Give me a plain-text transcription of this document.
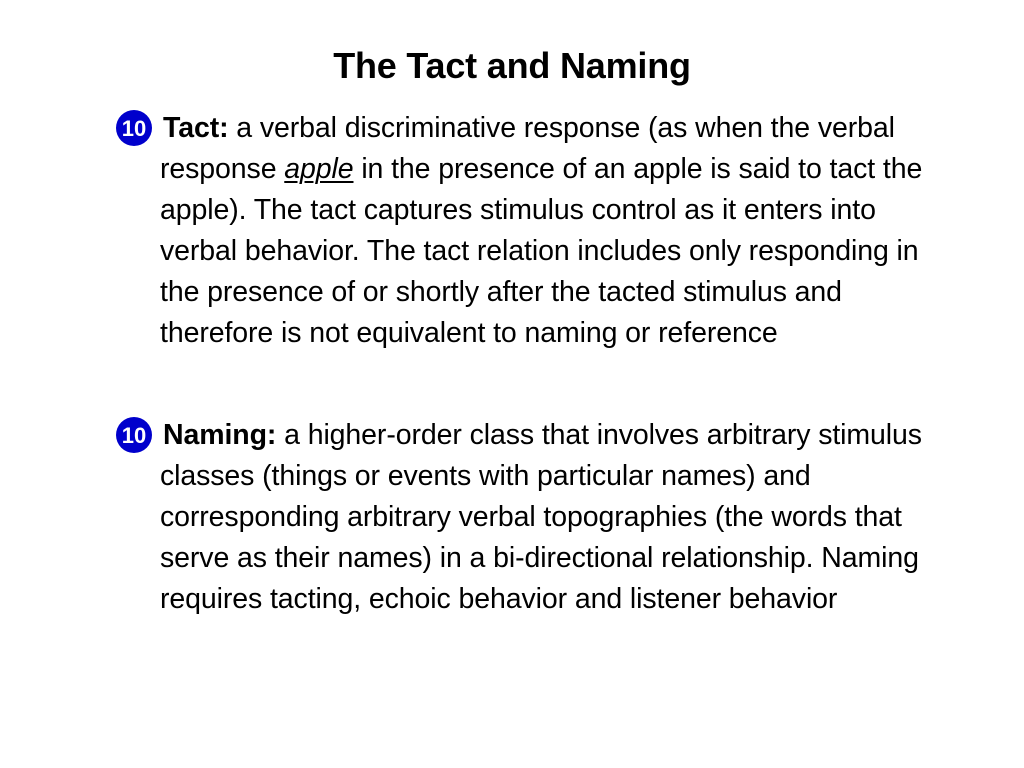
The Tact and Naming
10 Tact: a verbal discriminative response (as when the verbal response apple in the presence of an apple is said to tact the apple). The tact captures stimulus control as it enters into verbal behavior. The tact relation includes only responding in the presence of or shortly after the tacted stimulus and therefore is not equivalent to naming or reference
10 Naming: a higher-order class that involves arbitrary stimulus classes (things or events with particular names) and corresponding arbitrary verbal topographies (the words that serve as their names) in a bi-directional relationship. Naming requires tacting, echoic behavior and listener behavior
